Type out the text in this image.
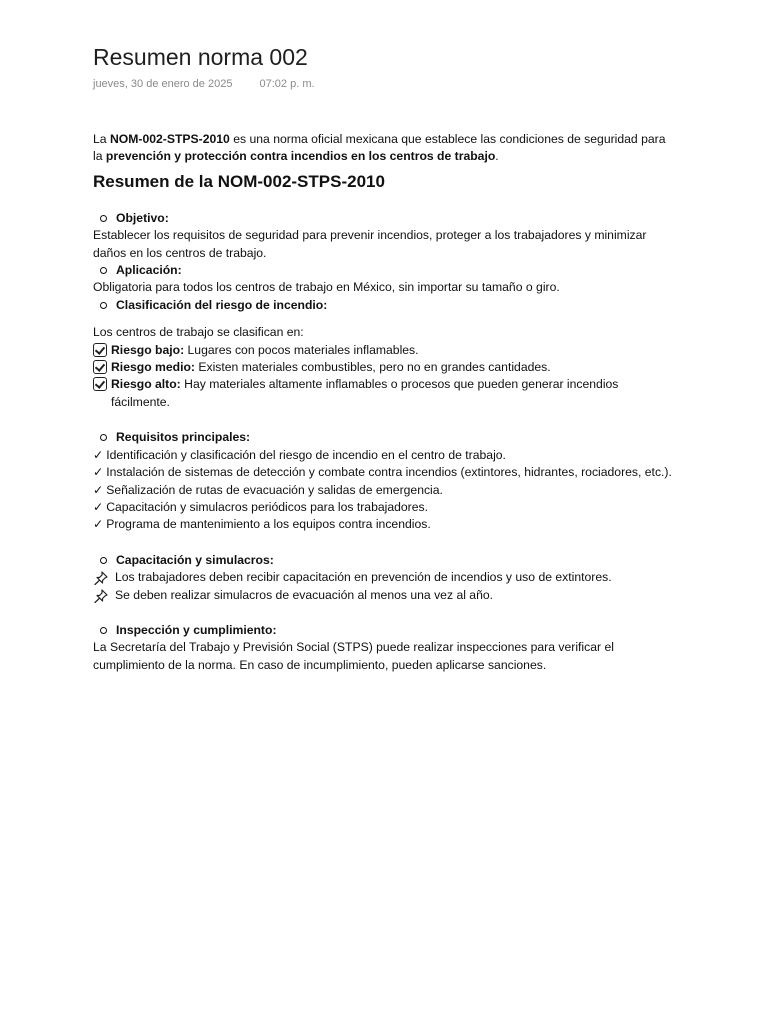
Resumen norma 002
jueves, 30 de enero de 2025 07:02 p. m.

La NOM-002-STPS-2010 es una norma oficial mexicana que establece las condiciones de seguridad para la prevención y protección contra incendios en los centros de trabajo.

Resumen de la NOM-002-STPS-2010
Objetivo:

Establecer los requisitos de seguridad para prevenir incendios, proteger a los trabajadores y minimizar daños en los centros de trabajo.

Aplicación:

Obligatoria para todos los centros de trabajo en México, sin importar su tamaño o giro.

Clasificación del riesgo de incendio:

Los centros de trabajo se clasifican en:

Riesgo bajo: Lugares con pocos materiales inflamables.
Riesgo medio: Existen materiales combustibles, pero no en grandes cantidades.
Riesgo alto: Hay materiales altamente inflamables o procesos que pueden generar incendios fácilmente.
Requisitos principales:

✓ Identificación y clasificación del riesgo de incendio en el centro de trabajo.

✓ Instalación de sistemas de detección y combate contra incendios (extintores, hidrantes, rociadores, etc.).

✓ Señalización de rutas de evacuación y salidas de emergencia.

✓ Capacitación y simulacros periódicos para los trabajadores.

✓ Programa de mantenimiento a los equipos contra incendios.

Capacitación y simulacros:
Los trabajadores deben recibir capacitación en prevención de incendios y uso de extintores.
Se deben realizar simulacros de evacuación al menos una vez al año.
Inspección y cumplimiento:

La Secretaría del Trabajo y Previsión Social (STPS) puede realizar inspecciones para verificar el cumplimiento de la norma. En caso de incumplimiento, pueden aplicarse sanciones.
